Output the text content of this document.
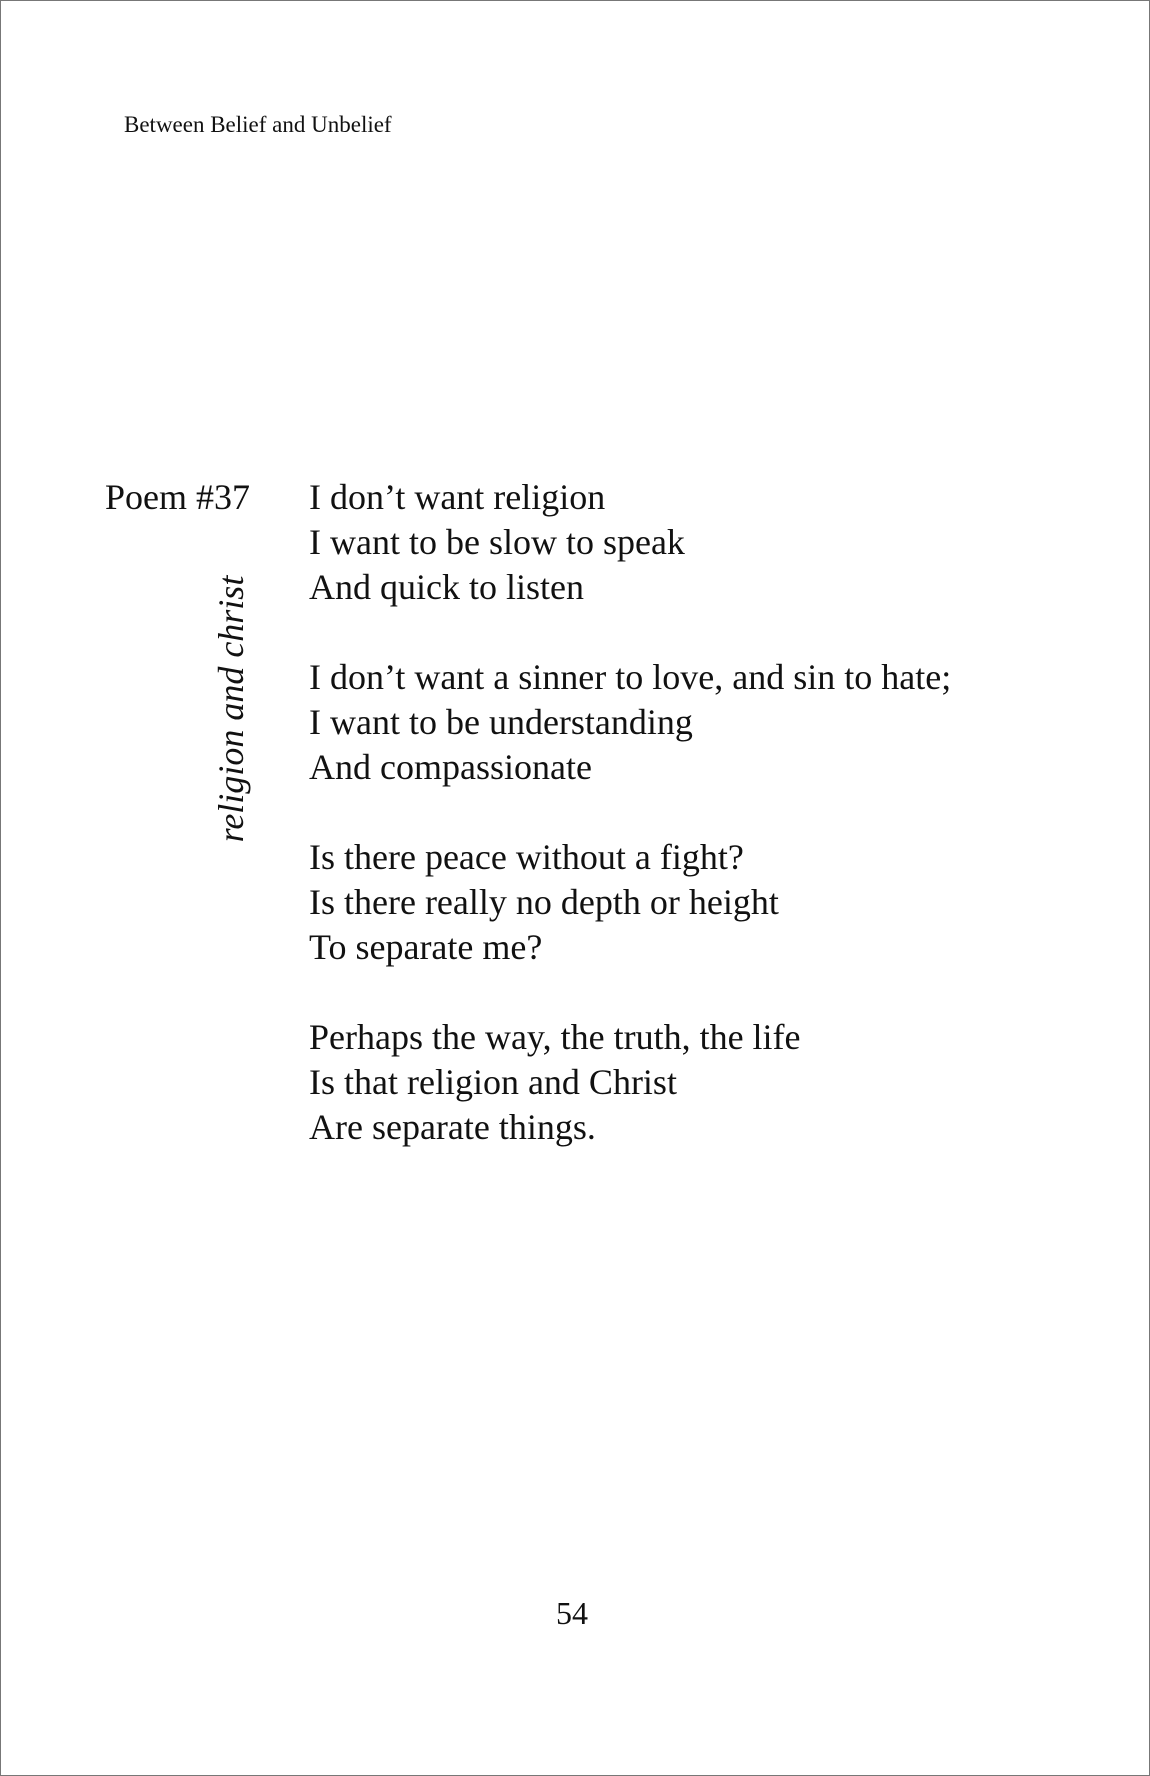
Between Belief and Unbelief
Poem #37
religion and christ
I don’t want religion
I want to be slow to speak
And quick to listen
I don’t want a sinner to love, and sin to hate;
I want to be understanding
And compassionate
Is there peace without a fight?
Is there really no depth or height
To separate me?
Perhaps the way, the truth, the life
Is that religion and Christ
Are separate things.
54
